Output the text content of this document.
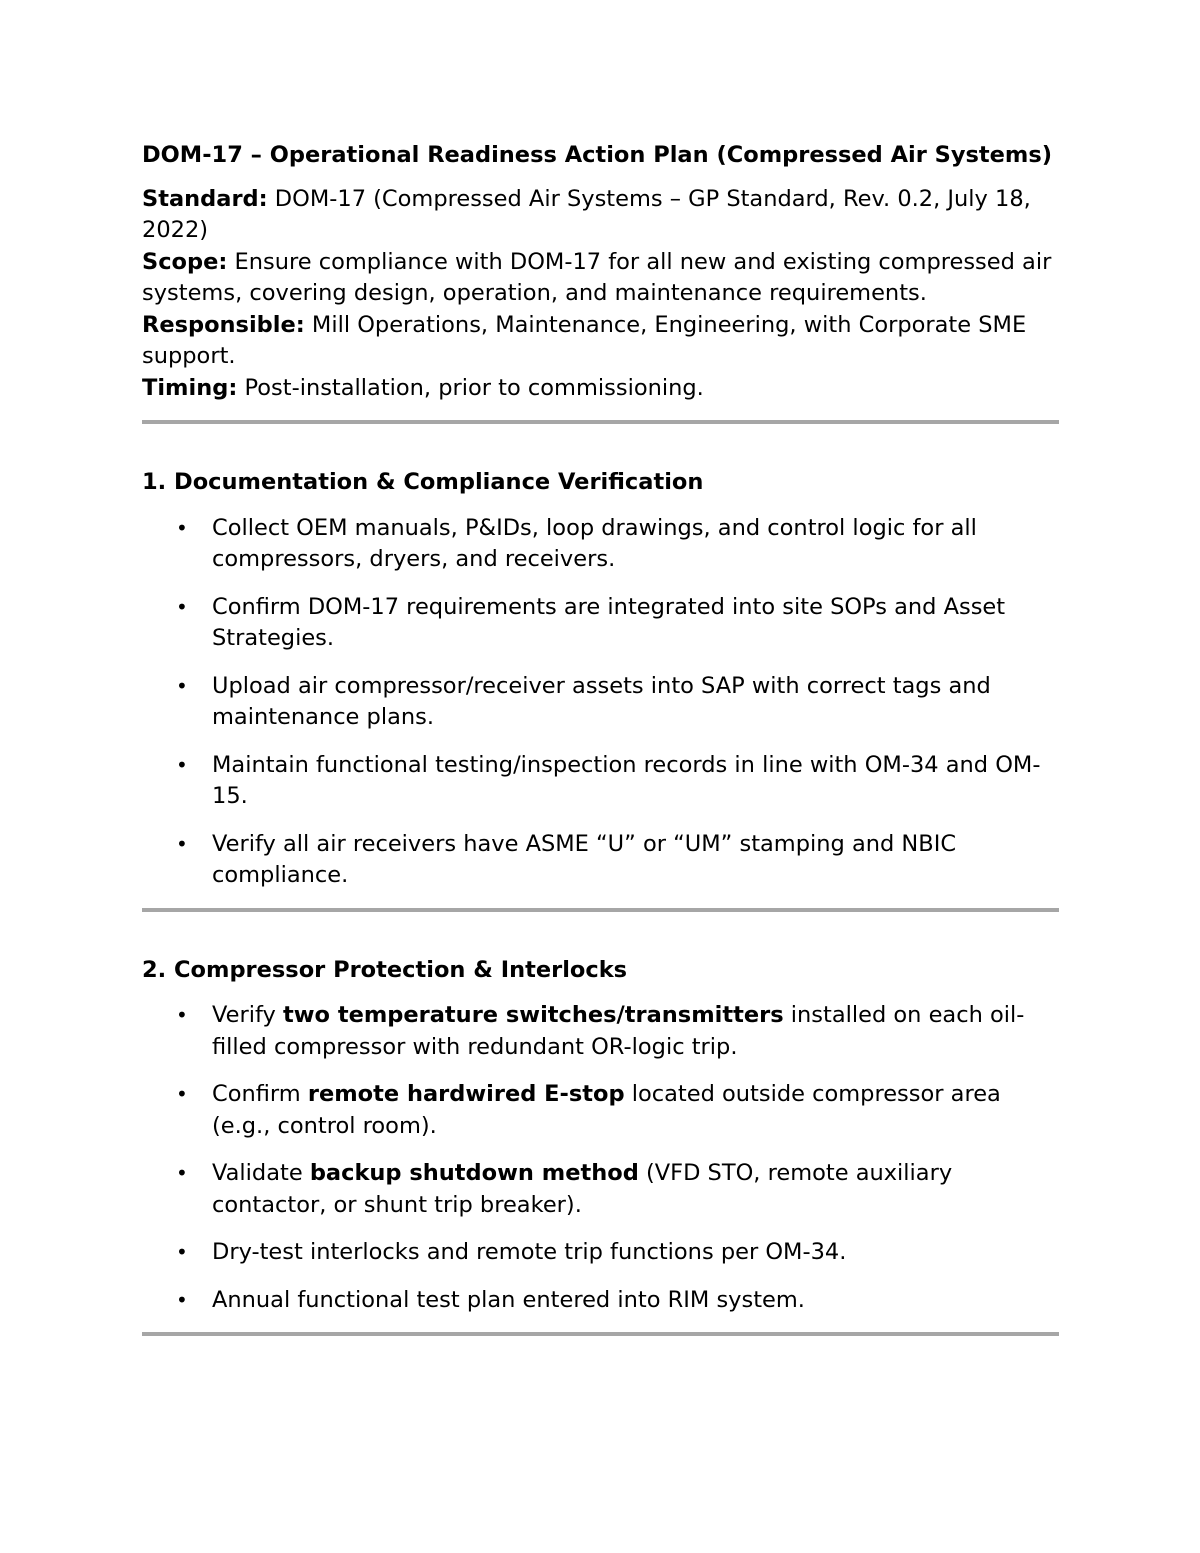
DOM-17 – Operational Readiness Action Plan (Compressed Air Systems)

Standard: DOM-17 (Compressed Air Systems – GP Standard, Rev. 0.2, July 18, 2022)

Scope: Ensure compliance with DOM-17 for all new and existing compressed air systems, covering design, operation, and maintenance requirements.

Responsible: Mill Operations, Maintenance, Engineering, with Corporate SME support.

Timing: Post-installation, prior to commissioning.

1. Documentation & Compliance Verification

• Collect OEM manuals, P&IDs, loop drawings, and control logic for all compressors, dryers, and receivers.
• Confirm DOM-17 requirements are integrated into site SOPs and Asset Strategies.
• Upload air compressor/receiver assets into SAP with correct tags and maintenance plans.
• Maintain functional testing/inspection records in line with OM-34 and OM-15.
• Verify all air receivers have ASME “U” or “UM” stamping and NBIC compliance.

2. Compressor Protection & Interlocks

• Verify two temperature switches/transmitters installed on each oil-filled compressor with redundant OR-logic trip.
• Confirm remote hardwired E-stop located outside compressor area (e.g., control room).
• Validate backup shutdown method (VFD STO, remote auxiliary contactor, or shunt trip breaker).
• Dry-test interlocks and remote trip functions per OM-34.
• Annual functional test plan entered into RIM system.
